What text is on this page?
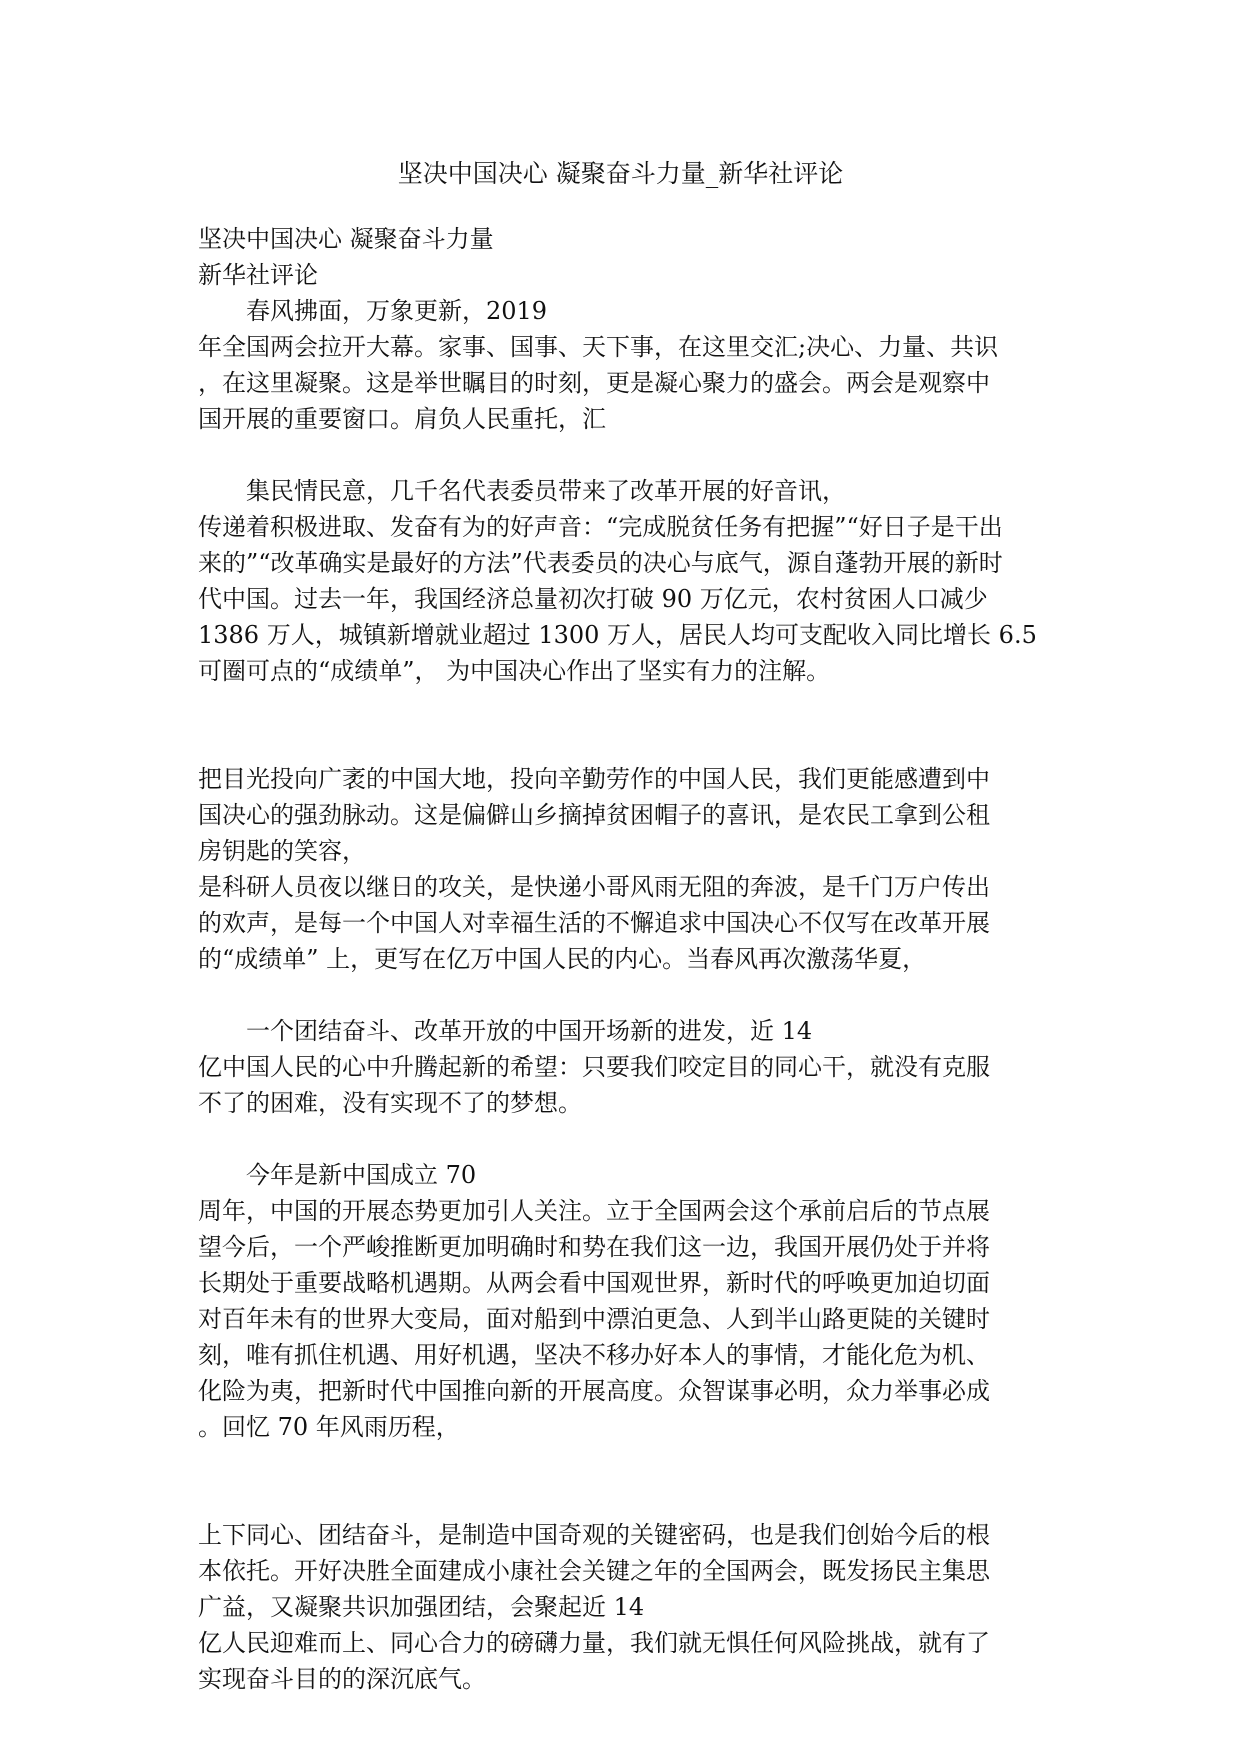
坚决中国决心 凝聚奋斗力量_新华社评论
坚决中国决心 凝聚奋斗力量
新华社评论
春风拂面，万象更新，2019
年全国两会拉开大幕。家事、国事、天下事，在这里交汇;决心、力量、共识
，在这里凝聚。这是举世瞩目的时刻，更是凝心聚力的盛会。两会是观察中
国开展的重要窗口。肩负人民重托，汇
集民情民意，几千名代表委员带来了改革开展的好音讯，
传递着积极进取、发奋有为的好声音：“完成脱贫任务有把握”“好日子是干出
来的”“改革确实是最好的方法”代表委员的决心与底气，源自蓬勃开展的新时
代中国。过去一年，我国经济总量初次打破 90 万亿元，农村贫困人口减少
1386 万人，城镇新增就业超过 1300 万人，居民人均可支配收入同比增长 6.5
可圈可点的“成绩单”， 为中国决心作出了坚实有力的注解。
把目光投向广袤的中国大地，投向辛勤劳作的中国人民，我们更能感遭到中
国决心的强劲脉动。这是偏僻山乡摘掉贫困帽子的喜讯，是农民工拿到公租
房钥匙的笑容，
是科研人员夜以继日的攻关，是快递小哥风雨无阻的奔波，是千门万户传出
的欢声，是每一个中国人对幸福生活的不懈追求中国决心不仅写在改革开展
的“成绩单” 上，更写在亿万中国人民的内心。当春风再次激荡华夏，
一个团结奋斗、改革开放的中国开场新的进发，近 14
亿中国人民的心中升腾起新的希望：只要我们咬定目的同心干，就没有克服
不了的困难，没有实现不了的梦想。
今年是新中国成立 70
周年，中国的开展态势更加引人关注。立于全国两会这个承前启后的节点展
望今后，一个严峻推断更加明确时和势在我们这一边，我国开展仍处于并将
长期处于重要战略机遇期。从两会看中国观世界，新时代的呼唤更加迫切面
对百年未有的世界大变局，面对船到中漂泊更急、人到半山路更陡的关键时
刻，唯有抓住机遇、用好机遇，坚决不移办好本人的事情，才能化危为机、
化险为夷，把新时代中国推向新的开展高度。众智谋事必明，众力举事必成
。回忆 70 年风雨历程，
上下同心、团结奋斗，是制造中国奇观的关键密码，也是我们创始今后的根
本依托。开好决胜全面建成小康社会关键之年的全国两会，既发扬民主集思
广益，又凝聚共识加强团结，会聚起近 14
亿人民迎难而上、同心合力的磅礴力量，我们就无惧任何风险挑战，就有了
实现奋斗目的的深沉底气。
